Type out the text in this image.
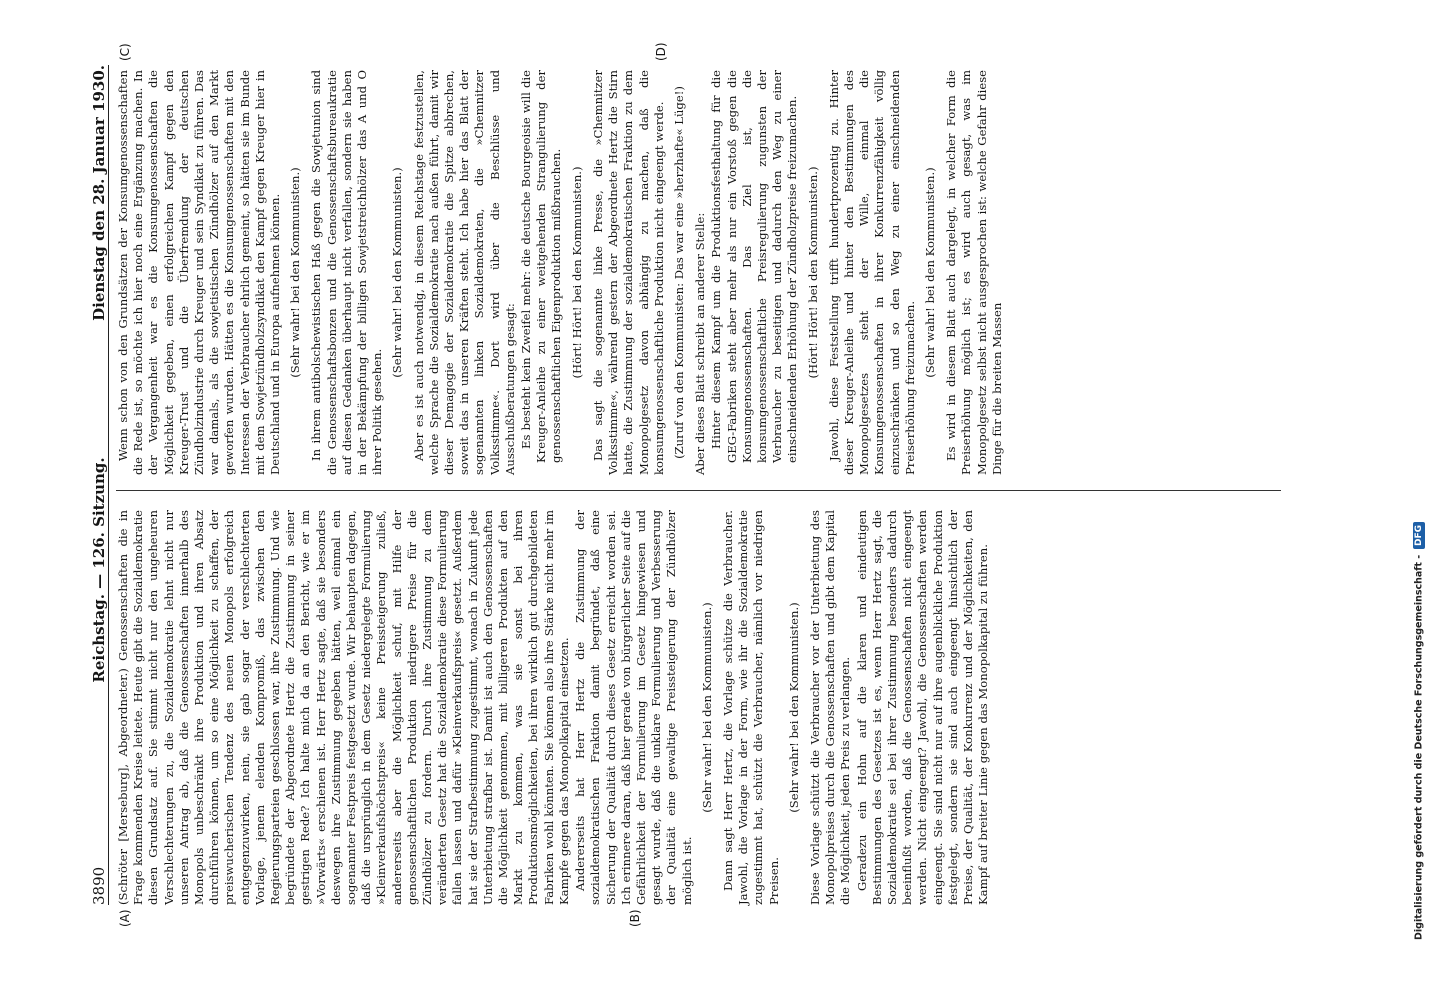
3890
Reichstag. — 126. Sitzung.
Dienstag den 28. Januar 1930.
(A)	(B)
(C)	(D)

(Schröter [Merseburg], Abgeordneter.) Genossenschaften die in Frage kommenden Kreise leitete. Heute gibt die Sozialdemokratie diesen Grundsatz auf. Sie stimmt nicht nur den ungeheuren Verschlechterungen zu, die Sozialdemokratie lehnt nicht nur unseren Antrag ab, daß die Genossenschaften innerhalb des Monopols unbeschränkt ihre Produktion und ihren Absatz durchführen können, um so eine Möglichkeit zu schaffen, der preiswucherischen Tendenz des neuen Monopols erfolgreich entgegenzuwirken, nein, sie gab sogar der verschlechterten Vorlage, jenem elenden Kompromiß, das zwischen den Regierungsparteien geschlossen war, ihre Zustimmung. Und wie begründete der Abgeordnete Hertz die Zustimmung in seiner gestrigen Rede? Ich halte mich da an den Bericht, wie er im »Vorwärts« erschienen ist. Herr Hertz sagte, daß sie besonders deswegen ihre Zustimmung gegeben hätten, weil einmal ein sogenannter Festpreis festgesetzt wurde. Wir behaupten dagegen, daß die ursprünglich in dem Gesetz niedergelegte Formulierung »Kleinverkaufshöchstpreis« keine Preissteigerung zuließ, andererseits aber die Möglichkeit schuf, mit Hilfe der genossenschaftlichen Produktion niedrigere Preise für die Zündhölzer zu fordern. Durch ihre Zustimmung zu dem veränderten Gesetz hat die Sozialdemokratie diese Formulierung fallen lassen und dafür »Kleinverkaufspreis« gesetzt. Außerdem hat sie der Strafbestimmung zugestimmt, wonach in Zukunft jede Unterbietung strafbar ist. Damit ist auch den Genossenschaften die Möglichkeit genommen, mit billigeren Produkten auf den Markt zu kommen, was sie sonst bei ihren Produktionsmöglichkeiten, bei ihren wirklich gut durchgebildeten Fabriken wohl könnten. Sie können also ihre Stärke nicht mehr im Kampfe gegen das Monopolkapital einsetzen. Andererseits hat Herr Hertz die Zustimmung der sozialdemokratischen Fraktion damit begründet, daß eine Sicherung der Qualität durch dieses Gesetz erreicht worden sei. Ich erinnere daran, daß hier gerade von bürgerlicher Seite auf die Gefährlichkeit der Formulierung im Gesetz hingewiesen und gesagt wurde, daß die unklare Formulierung und Verbesserung der Qualität eine gewaltige Preissteigerung der Zündhölzer möglich ist.

(Sehr wahr! bei den Kommunisten.) Dann sagt Herr Hertz, die Vorlage schütze die Verbraucher. Jawohl, die Vorlage in der Form, wie ihr die Sozialdemokratie zugestimmt hat, schützt die Verbraucher, nämlich vor niedrigen Preisen.

(Sehr wahr! bei den Kommunisten.) Diese Vorlage schützt die Verbraucher vor der Unterbietung des Monopolpreises durch die Genossenschaften und gibt dem Kapital die Möglichkeit, jeden Preis zu verlangen. Geradezu ein Hohn auf die klaren und eindeutigen Bestimmungen des Gesetzes ist es, wenn Herr Hertz sagt, die Sozialdemokratie sei bei ihrer Zustimmung besonders dadurch beeinflußt worden, daß die Genossenschaften nicht eingeengt werden. Nicht eingeengt? Jawohl, die Genossenschaften werden eingeengt. Sie sind nicht nur auf ihre augenblickliche Produktion festgelegt, sondern sie sind auch eingeengt hinsichtlich der Preise, der Qualität, der Konkurrenz und der Möglichkeiten, den Kampf auf breiter Linie gegen das Monopolkapital zu führen.

Wenn schon von den Grundsätzen der Konsumgenossenschaften die Rede ist, so möchte ich hier noch eine Ergänzung machen. In der Vergangenheit war es die Konsumgenossenschaften die Möglichkeit gegeben, einen erfolgreichen Kampf gegen den Kreuger-Trust und die Überfremdung der deutschen Zündholzindustrie durch Kreuger und sein Syndikat zu führen. Das war damals, als die sowjetistischen Zündhölzer auf den Markt geworfen wurden. Hätten es die Konsumgenossenschaften mit den Interessen der Verbraucher ehrlich gemeint, so hätten sie im Bunde mit dem Sowjetzündholzsyndikat den Kampf gegen Kreuger hier in Deutschland und in Europa aufnehmen können. (Sehr wahr! bei den Kommunisten.) In ihrem antibolschewistischen Haß gegen die Sowjetunion sind die Genossenschaftsbonzen und die Genossenschaftsbureaukratie auf diesen Gedanken überhaupt nicht verfallen, sondern sie haben in der Bekämpfung der billigen Sowjetstreichhölzer das A und O ihrer Politik gesehen.

(Sehr wahr! bei den Kommunisten.) Aber es ist auch notwendig, in diesem Reichstage festzustellen, welche Sprache die Sozialdemokratie nach außen führt, damit wir dieser Demagogie der Sozialdemokratie die Spitze abbrechen, soweit das in unseren Kräften steht. Ich habe hier das Blatt der sogenannten linken Sozialdemokraten, die »Chemnitzer Volksstimme«. Dort wird über die Beschlüsse und Ausschußberatungen gesagt: Es besteht kein Zweifel mehr: die deutsche Bourgeoisie will die Kreuger-Anleihe zu einer weitgehenden Strangulierung der genossenschaftlichen Eigenproduktion mißbrauchen. (Hört! Hört! bei den Kommunisten.) Das sagt die sogenannte linke Presse, die »Chemnitzer Volksstimme«, während gestern der Abgeordnete Hertz die Stirn hatte, die Zustimmung der sozialdemokratischen Fraktion zu dem Monopolgesetz davon abhängig zu machen, daß die konsumgenossenschaftliche Produktion nicht eingeengt werde. (Zuruf von den Kommunisten: Das war eine »herzhafte« Lüge!) Aber dieses Blatt schreibt an anderer Stelle: Hinter diesem Kampf um die Produktionsfesthaltung für die GEG-Fabriken steht aber mehr als nur ein Vorstoß gegen die Konsumgenossenschaften. Das Ziel ist, die konsumgenossenschaftliche Preisregulierung zugunsten der Verbraucher zu beseitigen und dadurch den Weg zu einer einschneidenden Erhöhung der Zündholzpreise freizumachen. (Hört! Hört! bei den Kommunisten.) Jawohl, diese Feststellung trifft hundertprozentig zu. Hinter dieser Kreuger-Anleihe und hinter den Bestimmungen des Monopolgesetzes steht der Wille, einmal die Konsumgenossenschaften in ihrer Konkurrenzfähigkeit völlig einzuschränken und so den Weg zu einer einschneidenden Preiserhöhung freizumachen.

(Sehr wahr! bei den Kommunisten.) Es wird in diesem Blatt auch dargelegt, in welcher Form die Preiserhöhung möglich ist; es wird auch gesagt, was im Monopolgesetz selbst nicht ausgesprochen ist: welche Gefahr diese Dinge für die breiten Massen

Digitalisierung gefördert durch die Deutsche Forschungsgemeinschaft -
DFG
